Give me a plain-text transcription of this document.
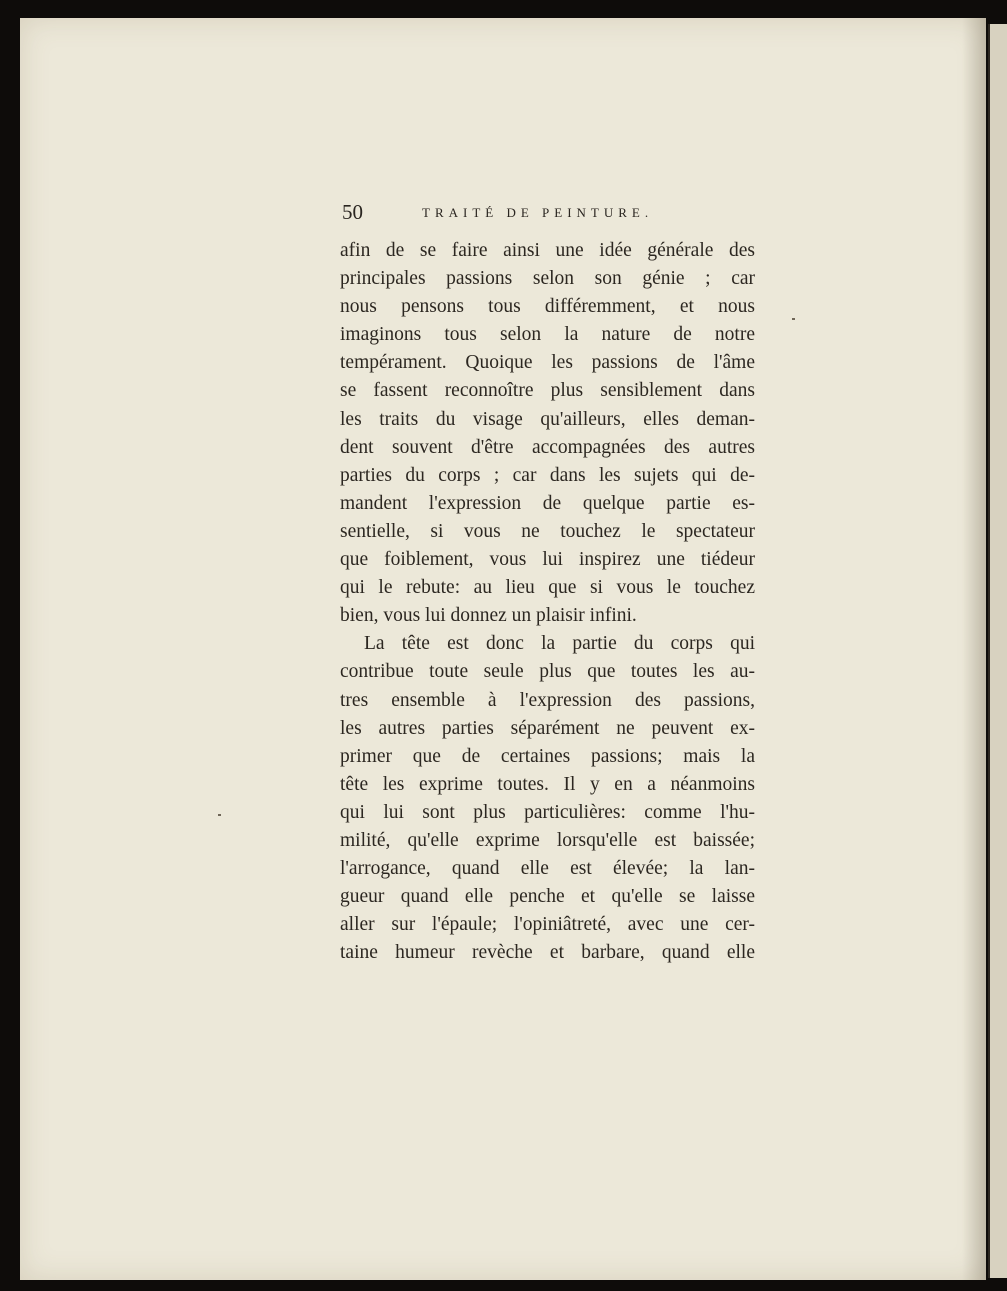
50	TRAITÉ DE PEINTURE.
afin de se faire ainsi une idée générale des
principales passions selon son génie ; car
nous pensons tous différemment, et nous
imaginons tous selon la nature de notre
tempérament. Quoique les passions de l'âme
se fassent reconnoître plus sensiblement dans
les traits du visage qu'ailleurs, elles deman-
dent souvent d'être accompagnées des autres
parties du corps ; car dans les sujets qui de-
mandent l'expression de quelque partie es-
sentielle, si vous ne touchez le spectateur
que foiblement, vous lui inspirez une tiédeur
qui le rebute: au lieu que si vous le touchez
bien, vous lui donnez un plaisir infini.
La tête est donc la partie du corps qui
contribue toute seule plus que toutes les au-
tres ensemble à l'expression des passions,
les autres parties séparément ne peuvent ex-
primer que de certaines passions; mais la
tête les exprime toutes. Il y en a néanmoins
qui lui sont plus particulières: comme l'hu-
milité, qu'elle exprime lorsqu'elle est baissée;
l'arrogance, quand elle est élevée; la lan-
gueur quand elle penche et qu'elle se laisse
aller sur l'épaule; l'opiniâtreté, avec une cer-
taine humeur revèche et barbare, quand elle
